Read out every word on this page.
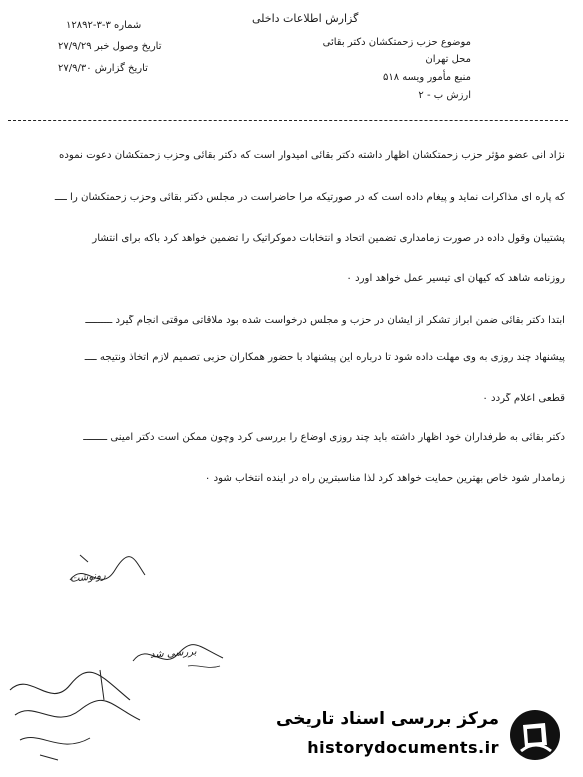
گزارش اطلاعات داخلی
شماره ۳-۳-۱۲۸۹۲
تاریخ وصول خبر ۲۷/۹/۲۹
تاریخ گزارش ۲۷/۹/۳۰
موضوع حزب زحمتکشان دکتر بقائی
محل تهران
منبع مأمور ویسه ۵۱۸
ارزش ب - ۲
نژاد انی عضو مؤثر حزب زحمتکشان اظهار داشته دکتر بقائی امیدوار است که دکتر بقائی وحزب زحمتکشان دعوت نموده
که پاره ای مذاکرات نماید و پیغام داده است که در صورتیکه مرا حاضراست در مجلس دکتر بقائی وحزب زحمتکشان را ــــ
پشتیبان وقول داده در صورت زمامداری تضمین اتحاد و انتخابات دموکراتیک را تضمین خواهد کرد باکه برای انتشار
روزنامه شاهد که کیهان ای تیسیر عمل خواهد آورد ۰
ابتدا دکتر بقائی ضمن ابراز تشکر از ایشان در حزب و مجلس درخواست شده بود ملاقاتی موقتی انجام گیرد ـــــــــ
پیشنهاد چند روزی به وی مهلت داده شود تا درباره این پیشنهاد با حضور همکاران حزبی تصمیم لازم اتخاذ ونتیجه ــــ
قطعی اعلام گردد ۰
دکتر بقائی به طرفداران خود اظهار داشته باید چند روزی اوضاع را بررسی کرد وچون ممکن است دکتر امینی ــــــــ
زمامدار شود خاص بهترین حمایت خواهد کرد لذا مناسبترین راه در آینده انتخاب شود ۰
رونوشت
بررسی شد
مرکز بررسی اسناد تاریخی
historydocuments.ir
